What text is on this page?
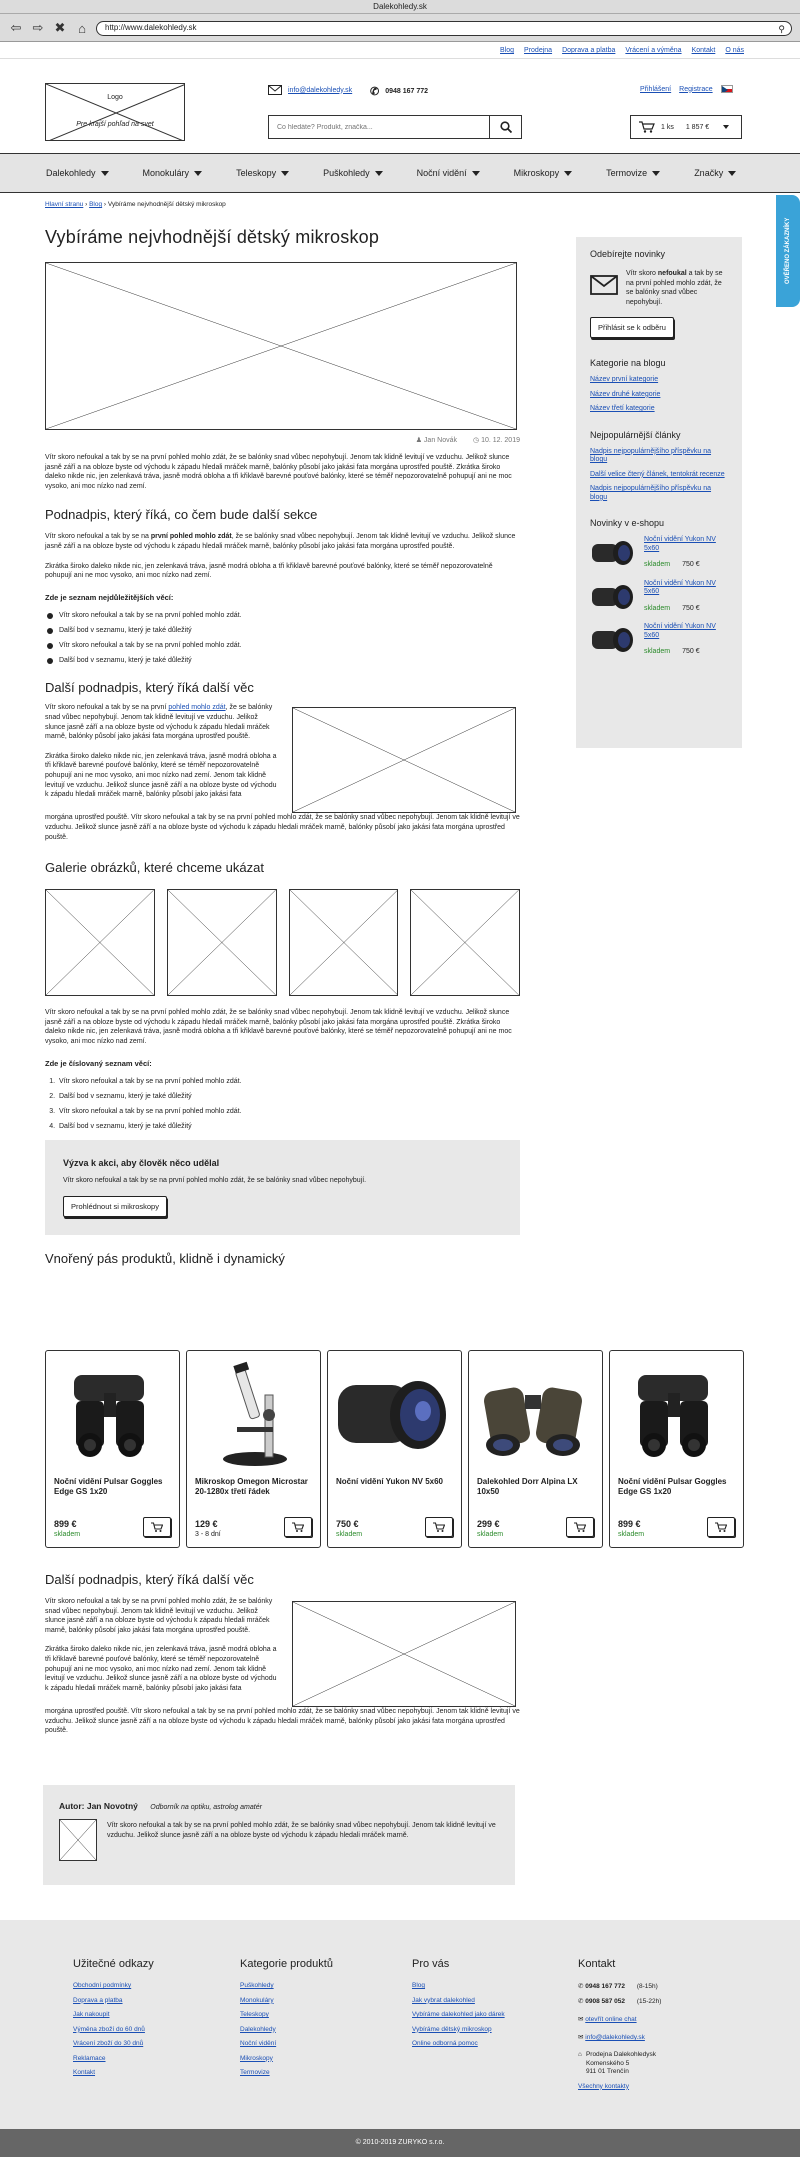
Dalekohledy.sk
⇦ ⇨ ✖ ⌂	http://www.dalekohledy.sk	⚲
Blog Prodejna Doprava a platba Vrácení a výměna Kontakt O nás
Logo
Pre krajší pohľad na svet
info@dalekohledy.sk ✆ 0948 167 772
Co hledáte? Produkt, značka...	Přihlášení Registrace
1 ks 1 857 €
Dalekohledy	Monokuláry	Teleskopy	Puškohledy	Noční vidění	Mikroskopy	Termovize	Značky
OVĚŘENO ZÁKAZNÍKY
Hlavní stranu › Blog › Vybíráme nejvhodnější dětský mikroskop
Vybíráme nejvhodnější dětský mikroskop
♟ Jan Novák ◷ 10. 12. 2019

Vítr skoro nefoukal a tak by se na první pohled mohlo zdát, že se balónky snad vůbec nepohybují. Jenom tak klidně levitují ve vzduchu. Jelikož slunce jasně září a na obloze byste od východu k západu hledali mráček marně, balónky působí jako jakási fata morgána uprostřed pouště. Zkrátka široko daleko nikde nic, jen zelenkavá tráva, jasně modrá obloha a tři křiklavě barevné pouťové balónky, které se téměř nepozorovatelně pohupují ani ne moc vysoko, ani moc nízko nad zemí.

Podnadpis, který říká, co čem bude další sekce

Vítr skoro nefoukal a tak by se na první pohled mohlo zdát, že se balónky snad vůbec nepohybují. Jenom tak klidně levitují ve vzduchu. Jelikož slunce jasně září a na obloze byste od východu k západu hledali mráček marně, balónky působí jako jakási fata morgána uprostřed pouště.

Zkrátka široko daleko nikde nic, jen zelenkavá tráva, jasně modrá obloha a tři křiklavě barevné pouťové balónky, které se téměř nepozorovatelně pohupují ani ne moc vysoko, ani moc nízko nad zemí.

Zde je seznam nejdůležitějších věcí:

Vítr skoro nefoukal a tak by se na první pohled mohlo zdát.
Další bod v seznamu, který je také důležitý
Vítr skoro nefoukal a tak by se na první pohled mohlo zdát.
Další bod v seznamu, který je také důležitý
Další podnadpis, který říká další věc

Vítr skoro nefoukal a tak by se na první pohled mohlo zdát, že se balónky snad vůbec nepohybují. Jenom tak klidně levitují ve vzduchu. Jelikož slunce jasně září a na obloze byste od východu k západu hledali mráček marně, balónky působí jako jakási fata morgána uprostřed pouště.

Zkrátka široko daleko nikde nic, jen zelenkavá tráva, jasně modrá obloha a tři křiklavě barevné pouťové balónky, které se téměř nepozorovatelně pohupují ani ne moc vysoko, ani moc nízko nad zemí. Jenom tak klidně levitují ve vzduchu. Jelikož slunce jasně září a na obloze byste od východu k západu hledali mráček marně, balónky působí jako jakási fata

morgána uprostřed pouště. Vítr skoro nefoukal a tak by se na první pohled mohlo zdát, že se balónky snad vůbec nepohybují. Jenom tak klidně levitují ve vzduchu. Jelikož slunce jasně září a na obloze byste od východu k západu hledali mráček marně, balónky působí jako jakási fata morgána uprostřed pouště.

Galerie obrázků, které chceme ukázat

Vítr skoro nefoukal a tak by se na první pohled mohlo zdát, že se balónky snad vůbec nepohybují. Jenom tak klidně levitují ve vzduchu. Jelikož slunce jasně září a na obloze byste od východu k západu hledali mráček marně, balónky působí jako jakási fata morgána uprostřed pouště. Zkrátka široko daleko nikde nic, jen zelenkavá tráva, jasně modrá obloha a tři křiklavě barevné pouťové balónky, které se téměř nepozorovatelně pohupují ani ne moc vysoko, ani moc nízko nad zemí.

Zde je číslovaný seznam věcí:

1. Vítr skoro nefoukal a tak by se na první pohled mohlo zdát.
2. Další bod v seznamu, který je také důležitý
3. Vítr skoro nefoukal a tak by se na první pohled mohlo zdát.
4. Další bod v seznamu, který je také důležitý
Výzva k akci, aby člověk něco udělal

Vítr skoro nefoukal a tak by se na první pohled mohlo zdát, že se balónky snad vůbec nepohybují.

Prohlédnout si mikroskopy
Vnořený pás produktů, klidně i dynamický
Noční vidění Pulsar Goggles Edge GS 1x20
899 €
skladem
Mikroskop Omegon Microstar 20-1280x třetí řádek
129 €
3 - 8 dní
Noční vidění Yukon NV 5x60
750 €
skladem
Dalekohled Dorr Alpina LX 10x50
299 €
skladem
Noční vidění Pulsar Goggles Edge GS 1x20
899 €
skladem
Další podnadpis, který říká další věc

Vítr skoro nefoukal a tak by se na první pohled mohlo zdát, že se balónky snad vůbec nepohybují. Jenom tak klidně levitují ve vzduchu. Jelikož slunce jasně září a na obloze byste od východu k západu hledali mráček marně, balónky působí jako jakási fata morgána uprostřed pouště.

Zkrátka široko daleko nikde nic, jen zelenkavá tráva, jasně modrá obloha a tři křiklavě barevné pouťové balónky, které se téměř nepozorovatelně pohupují ani ne moc vysoko, ani moc nízko nad zemí. Jenom tak klidně levitují ve vzduchu. Jelikož slunce jasně září a na obloze byste od východu k západu hledali mráček marně, balónky působí jako jakási fata

morgána uprostřed pouště. Vítr skoro nefoukal a tak by se na první pohled mohlo zdát, že se balónky snad vůbec nepohybují. Jenom tak klidně levitují ve vzduchu. Jelikož slunce jasně září a na obloze byste od východu k západu hledali mráček marně, balónky působí jako jakási fata morgána uprostřed pouště.

Autor: Jan Novotný Odborník na optiku, astrolog amatér

Vítr skoro nefoukal a tak by se na první pohled mohlo zdát, že se balónky snad vůbec nepohybují. Jenom tak klidně levitují ve vzduchu. Jelikož slunce jasně září a na obloze byste od východu k západu hledali mráček marně.

Odebírejte novinky

Vítr skoro nefoukal a tak by se na první pohled mohlo zdát, že se balónky snad vůbec nepohybují.

Přihlásit se k odběru
Kategorie na blogu
Název první kategorie
Název druhé kategorie
Název třetí kategorie
Nejpopulárnější články
Nadpis nejpopulárnějšího příspěvku na blogu
Další velice čtený článek, tentokrát recenze
Nadpis nejpopulárnějšího příspěvku na blogu
Novinky v e-shopu
Noční vidění Yukon NV 5x60
skladem 750 €
Noční vidění Yukon NV 5x60
skladem 750 €
Noční vidění Yukon NV 5x60
skladem 750 €
Užitečné odkazy
Obchodní podmínky
Doprava a platba
Jak nakoupit
Výměna zboží do 60 dnů
Vrácení zboží do 30 dnů
Reklamace
Kontakt
Kategorie produktů
Puškohledy
Monokuláry
Teleskopy
Dalekohledy
Noční vidění
Mikroskopy
Termovize
Pro vás
Blog
Jak vybrat dalekohled
Vybíráme dalekohled jako dárek
Vybíráme dětský mikroskop
Online odborná pomoc
Kontakt
✆ 0948 167 772 (8-15h)
✆ 0908 587 052 (15-22h)
✉ otevřít online chat
✉ info@dalekohledy.sk
⌂ Prodejna Dalekohledysk
Komenského 5
911 01 Trenčín
Všechny kontakty
© 2010-2019 ZURYKO s.r.o.
